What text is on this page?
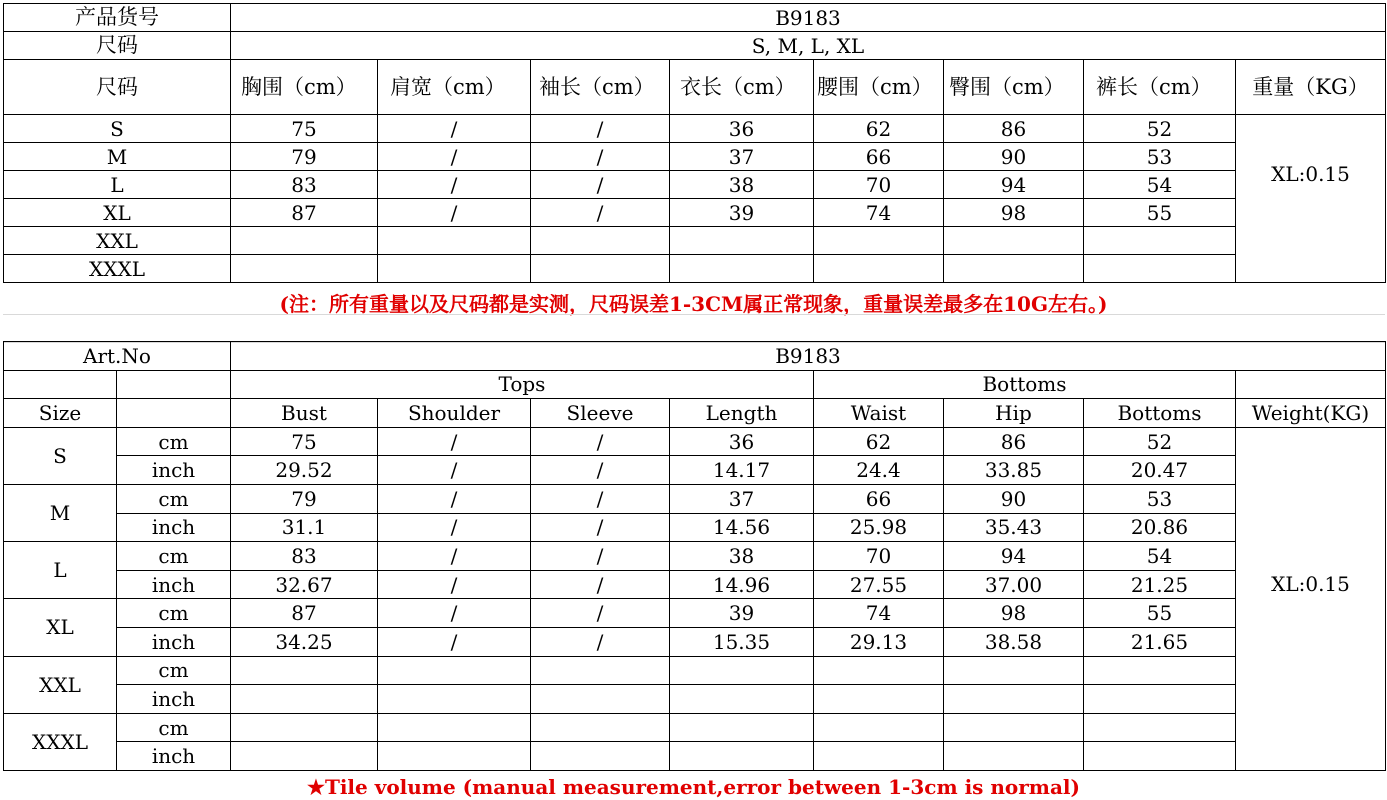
产品货号	B9183							
尺码	S, M, L, XL							
尺码	胸围（cm）	肩宽（cm）	袖长（cm）	衣长（cm）	腰围（cm）	臀围（cm）	裤长（cm）	重量（KG）
S	75	/	/	36	62	86	52	XL:0.15
M	79	/	/	37	66	90	53	
L	83	/	/	38	70	94	54	
XL	87	/	/	39	74	98	55	
XXL								
XXXL								
(注：所有重量以及尺码都是实测，尺码误差1-3CM属正常现象，重量误差最多在10G左右。)
Art.No		B9183							
		Tops				Bottoms			
Size		Bust	Shoulder	Sleeve	Length	Waist	Hip	Bottoms	Weight(KG)
S	cm	75	/	/	36	62	86	52	XL:0.15
	inch	29.52	/	/	14.17	24.4	33.85	20.47	
M	cm	79	/	/	37	66	90	53	
	inch	31.1	/	/	14.56	25.98	35.43	20.86	
L	cm	83	/	/	38	70	94	54	
	inch	32.67	/	/	14.96	27.55	37.00	21.25	
XL	cm	87	/	/	39	74	98	55	
	inch	34.25	/	/	15.35	29.13	38.58	21.65	
XXL	cm								
	inch								
XXXL	cm								
	inch								
★Tile volume (manual measurement,error between 1-3cm is normal)
